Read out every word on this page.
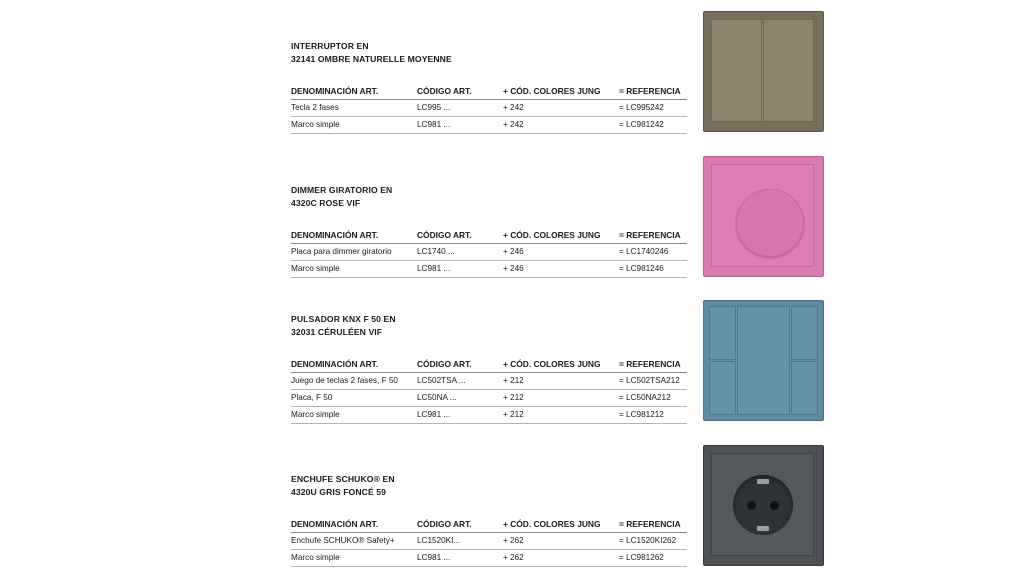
INTERRUPTOR EN
32141 OMBRE NATURELLE MOYENNE
DENOMINACIÓN ART.	CÓDIGO ART.	+ CÓD. COLORES JUNG = REFERENCIA
Tecla 2 fases	LC995 ...	+ 242	= LC995242
Marco simple	LC981 ...	+ 242	= LC981242
DIMMER GIRATORIO EN
4320C ROSE VIF
DENOMINACIÓN ART.	CÓDIGO ART.	+ CÓD. COLORES JUNG = REFERENCIA
Placa para dimmer giratorio	LC1740 ...	+ 246	= LC1740246
Marco simple	LC981 ...	+ 246	= LC981246
PULSADOR KNX F 50 EN
32031 CÉRULÉEN VIF
DENOMINACIÓN ART.	CÓDIGO ART.	+ CÓD. COLORES JUNG = REFERENCIA
Juego de teclas 2 fases, F 50 LC502TSA ...	+ 212	= LC502TSA212
Placa, F 50	LC50NA ...	+ 212	= LC50NA212
Marco simple	LC981 ...	+ 212	= LC981212
ENCHUFE SCHUKO® EN
4320U GRIS FONCÉ 59
DENOMINACIÓN ART.	CÓDIGO ART.	+ CÓD. COLORES JUNG = REFERENCIA
Enchufe SCHUKO® Safety+	LC1520KI...	+ 262	= LC1520KI262
Marco simple	LC981 ...	+ 262	= LC981262
